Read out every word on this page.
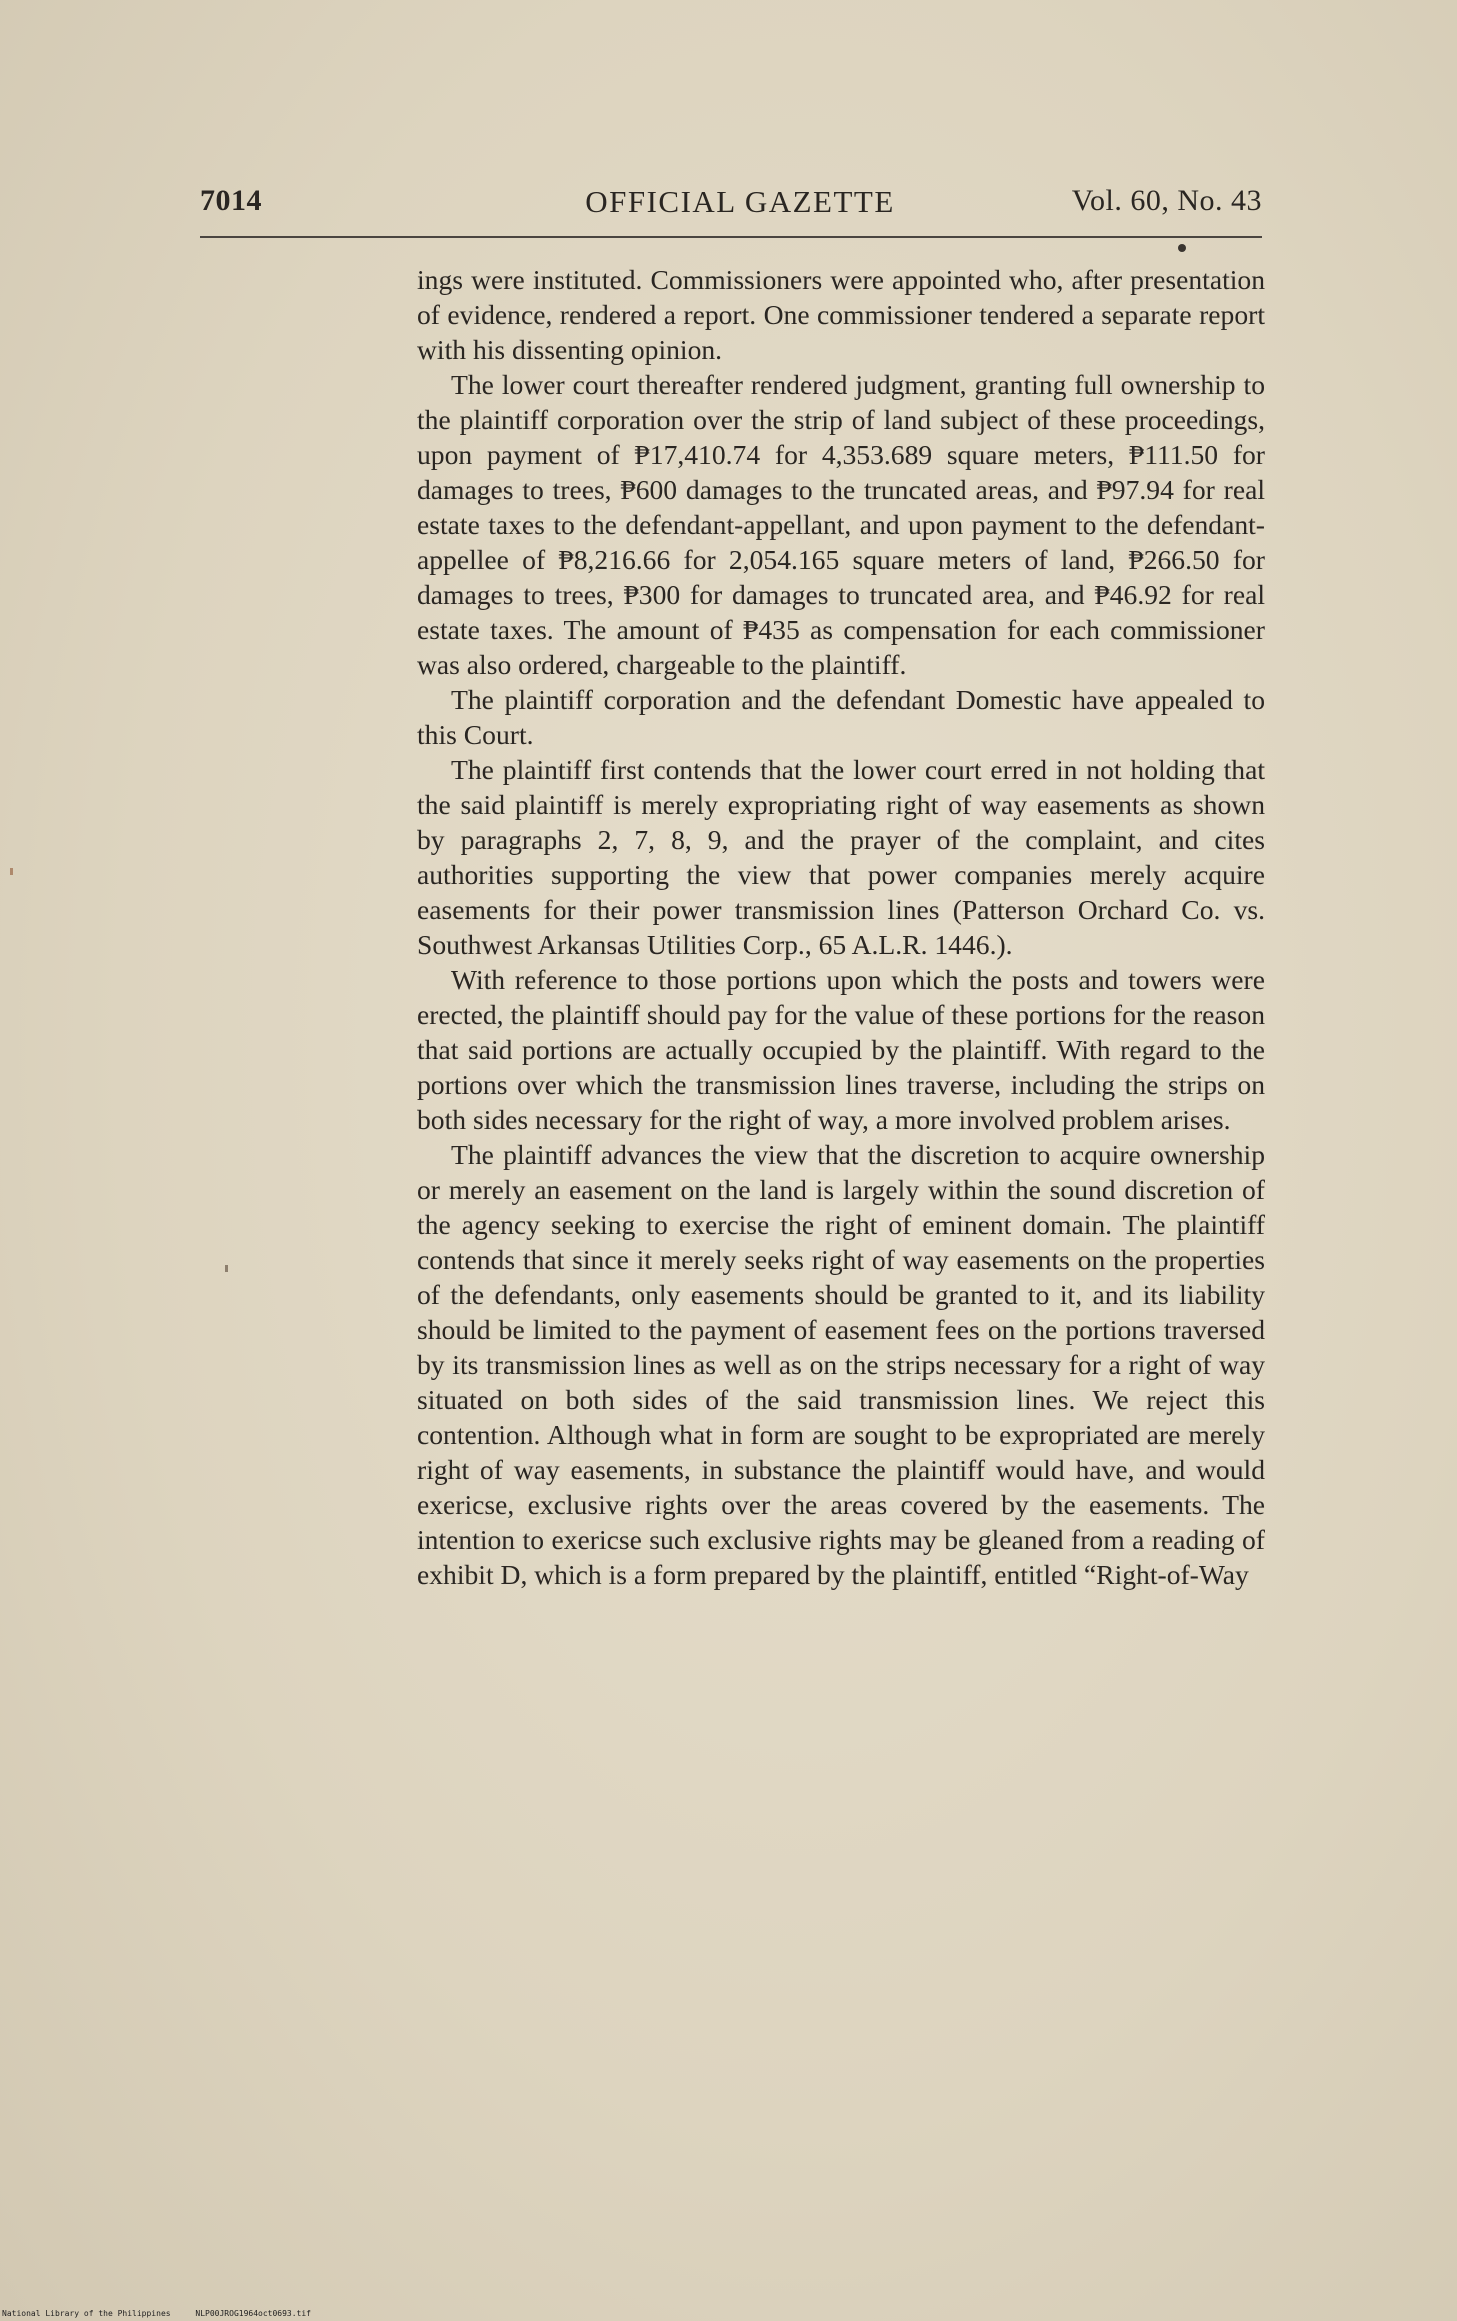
7014	OFFICIAL GAZETTE	Vol. 60, No. 43

ings were instituted. Commissioners were appointed who, after presentation of evidence, rendered a report. One commissioner tendered a separate report with his dissenting opinion.

The lower court thereafter rendered judgment, granting full ownership to the plaintiff corporation over the strip of land subject of these proceedings, upon payment of ₱17,410.74 for 4,353.689 square meters, ₱111.50 for damages to trees, ₱600 damages to the truncated areas, and ₱97.94 for real estate taxes to the defendant-appellant, and upon payment to the defendant-appellee of ₱8,216.66 for 2,054.165 square meters of land, ₱266.50 for damages to trees, ₱300 for damages to truncated area, and ₱46.92 for real estate taxes. The amount of ₱435 as compensation for each commissioner was also ordered, chargeable to the plaintiff.

The plaintiff corporation and the defendant Domestic have appealed to this Court.

The plaintiff first contends that the lower court erred in not holding that the said plaintiff is merely expropriating right of way easements as shown by paragraphs 2, 7, 8, 9, and the prayer of the complaint, and cites authorities supporting the view that power companies merely acquire easements for their power transmission lines (Patterson Orchard Co. vs. Southwest Arkansas Utilities Corp., 65 A.L.R. 1446.).

With reference to those portions upon which the posts and towers were erected, the plaintiff should pay for the value of these portions for the reason that said portions are actually occupied by the plaintiff. With regard to the portions over which the transmission lines traverse, including the strips on both sides necessary for the right of way, a more involved problem arises.

The plaintiff advances the view that the discretion to acquire ownership or merely an easement on the land is largely within the sound discretion of the agency seeking to exercise the right of eminent domain. The plaintiff contends that since it merely seeks right of way easements on the properties of the defendants, only easements should be granted to it, and its liability should be limited to the payment of easement fees on the portions traversed by its transmission lines as well as on the strips necessary for a right of way situated on both sides of the said transmission lines. We reject this contention. Although what in form are sought to be expropriated are merely right of way easements, in substance the plaintiff would have, and would exericse, exclusive rights over the areas covered by the easements. The intention to exericse such exclusive rights may be gleaned from a reading of exhibit D, which is a form prepared by the plaintiff, entitled “Right-of-Way

National Library of the Philippines	NLP00JROG1964oct0693.tif
